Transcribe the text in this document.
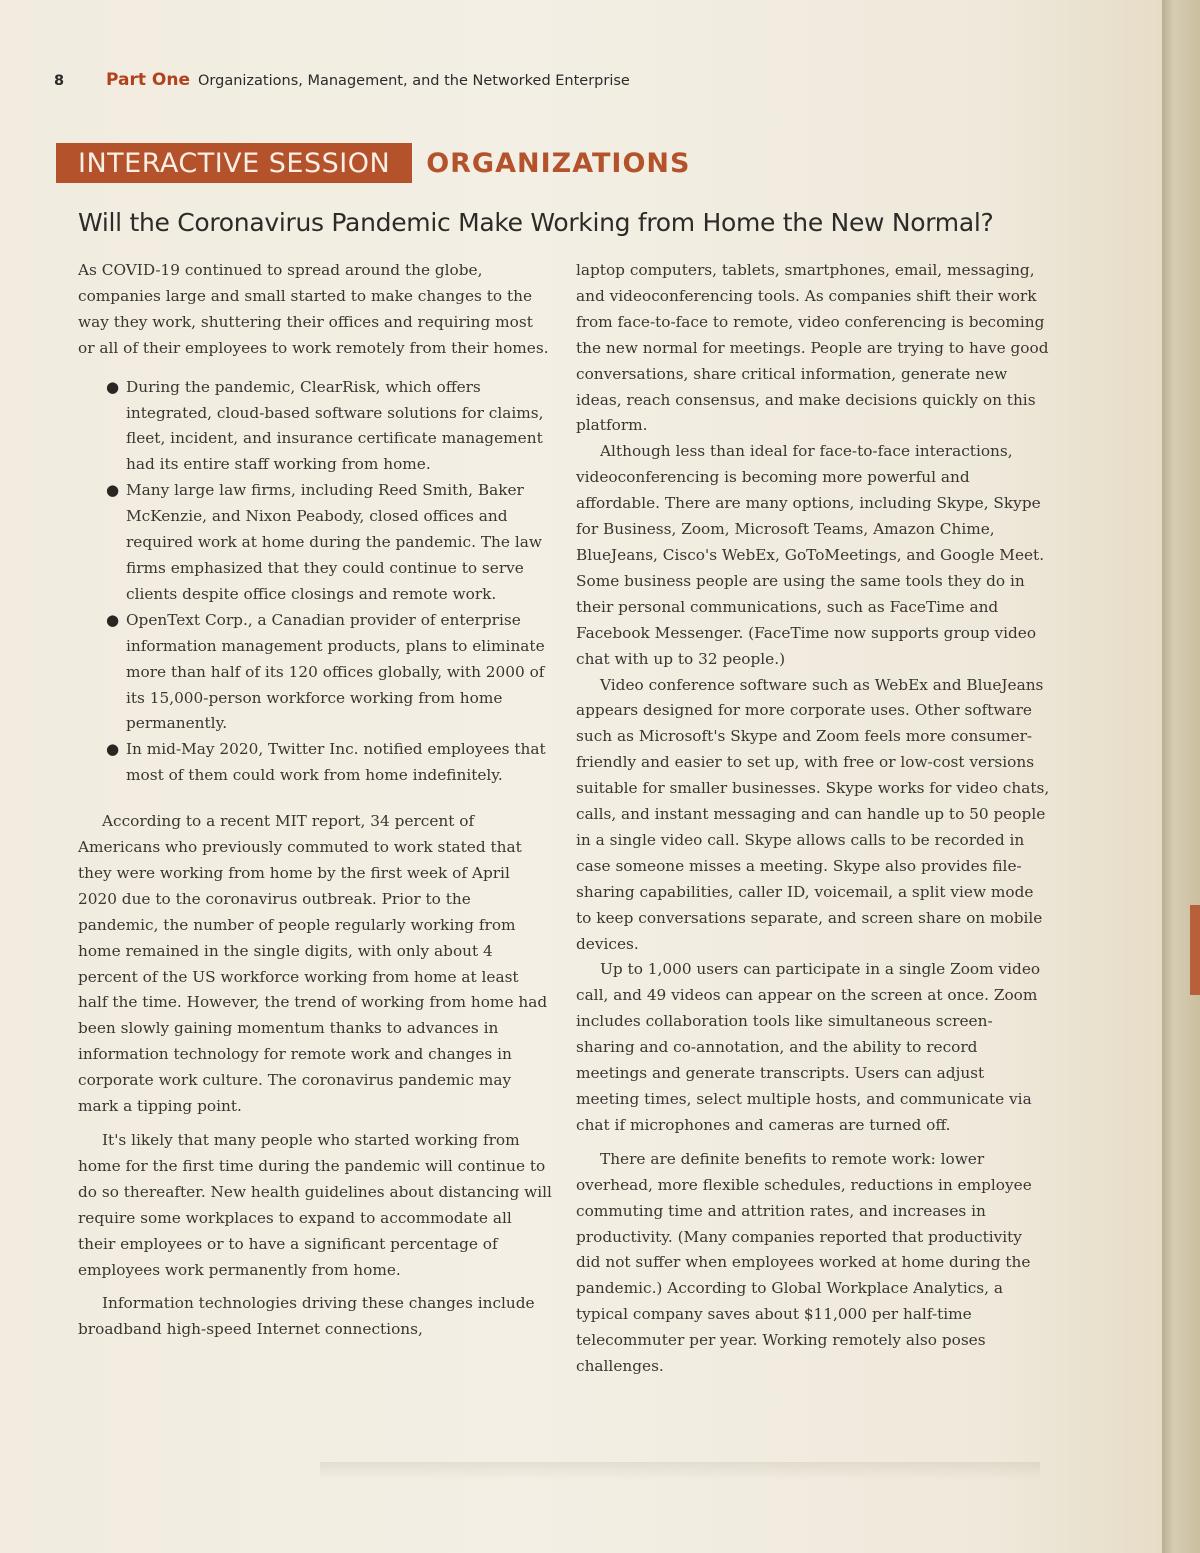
8	Part One Organizations, Management, and the Networked Enterprise
INTERACTIVE SESSION	ORGANIZATIONS
Will the Coronavirus Pandemic Make Working from Home the New Normal?

As COVID-19 continued to spread around the globe, companies large and small started to make changes to the way they work, shuttering their offices and requiring most or all of their employees to work remotely from their homes.

● During the pandemic, ClearRisk, which offers integrated, cloud-based software solutions for claims, fleet, incident, and insurance certificate management had its entire staff working from home.
● Many large law firms, including Reed Smith, Baker McKenzie, and Nixon Peabody, closed offices and required work at home during the pandemic. The law firms emphasized that they could continue to serve clients despite office closings and remote work.
● OpenText Corp., a Canadian provider of enterprise information management products, plans to eliminate more than half of its 120 offices globally, with 2000 of its 15,000-person workforce working from home permanently.
● In mid-May 2020, Twitter Inc. notified employees that most of them could work from home indefinitely.

According to a recent MIT report, 34 percent of Americans who previously commuted to work stated that they were working from home by the first week of April 2020 due to the coronavirus outbreak. Prior to the pandemic, the number of people regularly working from home remained in the single digits, with only about 4 percent of the US workforce working from home at least half the time. However, the trend of working from home had been slowly gaining momentum thanks to advances in information technology for remote work and changes in corporate work culture. The coronavirus pandemic may mark a tipping point.

It's likely that many people who started working from home for the first time during the pandemic will continue to do so thereafter. New health guidelines about distancing will require some workplaces to expand to accommodate all their employees or to have a significant percentage of employees work permanently from home.

Information technologies driving these changes include broadband high-speed Internet connections,

laptop computers, tablets, smartphones, email, messaging, and videoconferencing tools. As companies shift their work from face-to-face to remote, video conferencing is becoming the new normal for meetings. People are trying to have good conversations, share critical information, generate new ideas, reach consensus, and make decisions quickly on this platform.

Although less than ideal for face-to-face interactions, videoconferencing is becoming more powerful and affordable. There are many options, including Skype, Skype for Business, Zoom, Microsoft Teams, Amazon Chime, BlueJeans, Cisco's WebEx, GoToMeetings, and Google Meet. Some business people are using the same tools they do in their personal communications, such as FaceTime and Facebook Messenger. (FaceTime now supports group video chat with up to 32 people.)

Video conference software such as WebEx and BlueJeans appears designed for more corporate uses. Other software such as Microsoft's Skype and Zoom feels more consumer-friendly and easier to set up, with free or low-cost versions suitable for smaller businesses. Skype works for video chats, calls, and instant messaging and can handle up to 50 people in a single video call. Skype allows calls to be recorded in case someone misses a meeting. Skype also provides file-sharing capabilities, caller ID, voicemail, a split view mode to keep conversations separate, and screen share on mobile devices.

Up to 1,000 users can participate in a single Zoom video call, and 49 videos can appear on the screen at once. Zoom includes collaboration tools like simultaneous screen-sharing and co-annotation, and the ability to record meetings and generate transcripts. Users can adjust meeting times, select multiple hosts, and communicate via chat if microphones and cameras are turned off.

There are definite benefits to remote work: lower overhead, more flexible schedules, reductions in employee commuting time and attrition rates, and increases in productivity. (Many companies reported that productivity did not suffer when employees worked at home during the pandemic.) According to Global Workplace Analytics, a typical company saves about $11,000 per half-time telecommuter per year. Working remotely also poses challenges.
